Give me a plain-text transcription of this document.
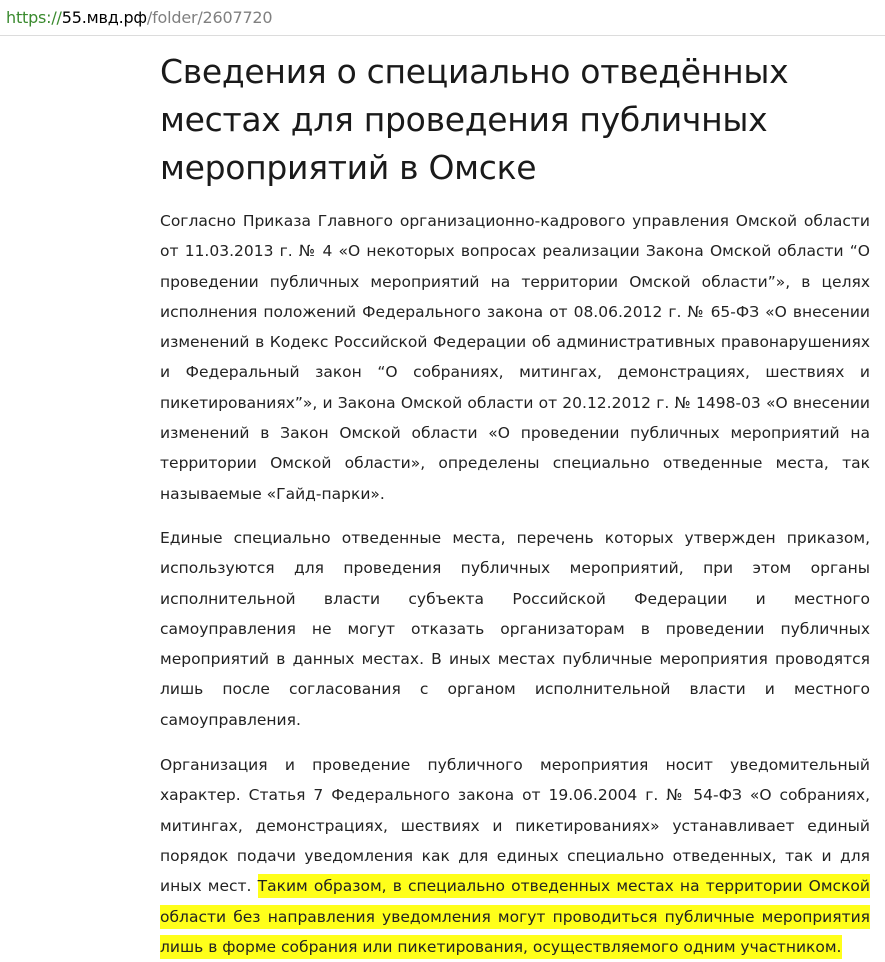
https://55.мвд.рф/folder/2607720
Сведения о специально отведённых местах для проведения публичных мероприятий в Омске

Согласно Приказа Главного организационно-кадрового управления Омской области от 11.03.2013 г. № 4 «О некоторых вопросах реализации Закона Омской области “О проведении публичных мероприятий на территории Омской области”», в целях исполнения положений Федерального закона от 08.06.2012 г. № 65-ФЗ «О внесении изменений в Кодекс Российской Федерации об административных правонарушениях и Федеральный закон “О собраниях, митингах, демонстрациях, шествиях и пикетированиях”», и Закона Омской области от 20.12.2012 г. № 1498-03 «О внесении изменений в Закон Омской области «О проведении публичных мероприятий на территории Омской области», определены специально отведенные места, так называемые «Гайд-парки».

Единые специально отведенные места, перечень которых утвержден приказом, используются для проведения публичных мероприятий, при этом органы исполнительной власти субъекта Российской Федерации и местного самоуправления не могут отказать организаторам в проведении публичных мероприятий в данных местах. В иных местах публичные мероприятия проводятся лишь после согласования с органом исполнительной власти и местного самоуправления.

Организация и проведение публичного мероприятия носит уведомительный характер. Статья 7 Федерального закона от 19.06.2004 г. № 54-ФЗ «О собраниях, митингах, демонстрациях, шествиях и пикетированиях» устанавливает единый порядок подачи уведомления как для единых специально отведенных, так и для иных мест. Таким образом, в специально отведенных местах на территории Омской области без направления уведомления могут проводиться публичные мероприятия лишь в форме собрания или пикетирования, осуществляемого одним участником.
